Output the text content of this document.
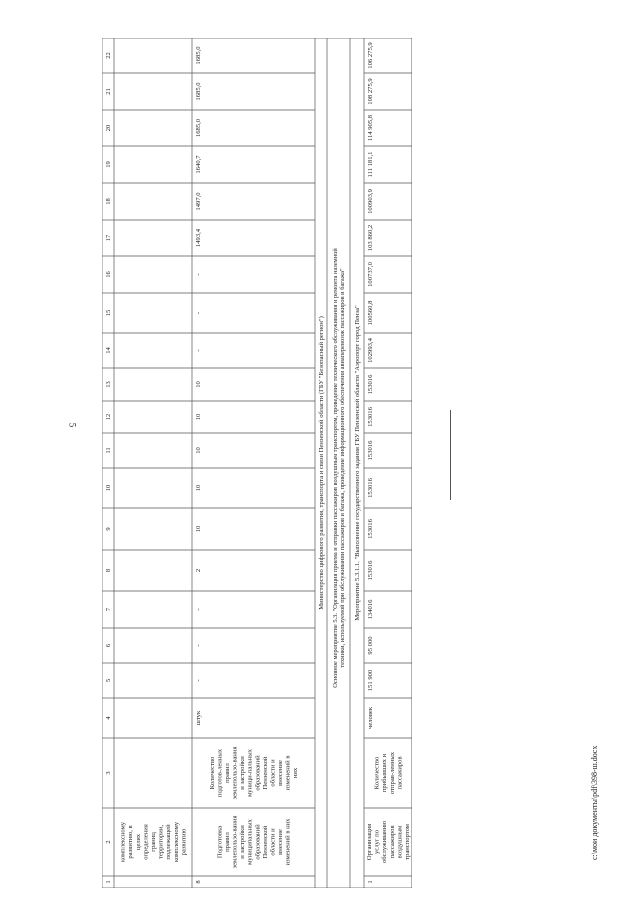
5
c:\мои документы\pdf\398-ш.docx
1
2
3
4
5
6
7
8
9
10
11
12
13
14
15
16
17
18
19
20
21
22
комплексномуразвитию, вцеляхопределенияграництерритории,подлежащейкомплексномуразвитию
8
Подготовкаправилземлепользо-ванияи застройкимуниципальныхобразованийПензенскойобласти ивнесениеизменений в них
Количествоподготов-ленныхправилземлепользо-ванияи застройкимуници-пальныхобразованийПензенскойобласти ивнесениеизменений вних
штук
-
-
-
2
10
10
10
10
10
-
-
-
1493,4
1497,0
1640,7
1685,0
1685,0
1685,0
Министерство цифрового развития, транспорта и связи Пензенской области (ГБУ "Безопасный регион") Основное мероприятие 5.3. "Организация приема и отправки пассажиров воздушным транспортом, проведение технического обслуживания и ремонта наземнойтехники, используемой при обслуживании пассажиров и багажа, проведение информационного обеспечения авиаперевозок пассажиров и багажа" Мероприятие 5.3.1.1. "Выполнение государственного задания ГБУ Пензенской области "Аэропорт город Пенза"
1
Организацияуслуг пообслуживаниюпассажироввоздушнымтранспортом
Количествоприбывших иотправ-ленныхпассажиров
человек
151 900
95 000
134016
153016
153016
153016
153016
153016
153016
102993,4
100560,8
100737,0
103 860,2
100903,9
111 181,1
114 905,8
108 275,9
106 275,9
